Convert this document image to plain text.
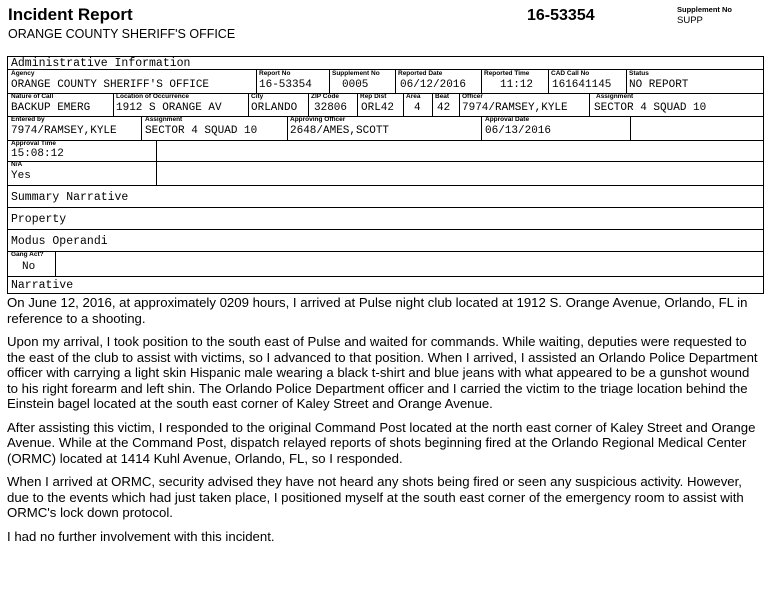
Incident Report
ORANGE COUNTY SHERIFF'S OFFICE
16-53354	Supplement No
SUPP
Administrative Information
Agency
ORANGE COUNTY SHERIFF'S OFFICE
Report No
16-53354
Supplement No
0005
Reported Date
06/12/2016
Reported Time
11:12
CAD Call No
161641145
Status
NO REPORT
Nature of Call
BACKUP EMERG
Location of Occurrence
1912 S ORANGE AV
City
ORLANDO
ZIP Code
32806
Rep Dist
ORL42
Area
4
Beat
42
Officer
7974/RAMSEY,KYLE
Assignment
SECTOR 4 SQUAD 10
Entered by
7974/RAMSEY,KYLE
Assignment
SECTOR 4 SQUAD 10
Approving Officer
2648/AMES,SCOTT
Approval Date
06/13/2016
Approval Time
15:08:12
N/A
Yes
Summary Narrative
Property
Modus Operandi
Gang Act?
No
Narrative

On June 12, 2016, at approximately 0209 hours, I arrived at Pulse night club located at 1912 S. Orange Avenue, Orlando, FL in reference to a shooting.

Upon my arrival, I took position to the south east of Pulse and waited for commands. While waiting, deputies were requested to the east of the club to assist with victims, so I advanced to that position. When I arrived, I assisted an Orlando Police Department officer with carrying a light skin Hispanic male wearing a black t-shirt and blue jeans with what appeared to be a gunshot wound to his right forearm and left shin. The Orlando Police Department officer and I carried the victim to the triage location behind the Einstein bagel located at the south east corner of Kaley Street and Orange Avenue.

After assisting this victim, I responded to the original Command Post located at the north east corner of Kaley Street and Orange Avenue. While at the Command Post, dispatch relayed reports of shots beginning fired at the Orlando Regional Medical Center (ORMC) located at 1414 Kuhl Avenue, Orlando, FL, so I responded.

When I arrived at ORMC, security advised they have not heard any shots being fired or seen any suspicious activity. However, due to the events which had just taken place, I positioned myself at the south east corner of the emergency room to assist with ORMC's lock down protocol.

I had no further involvement with this incident.
